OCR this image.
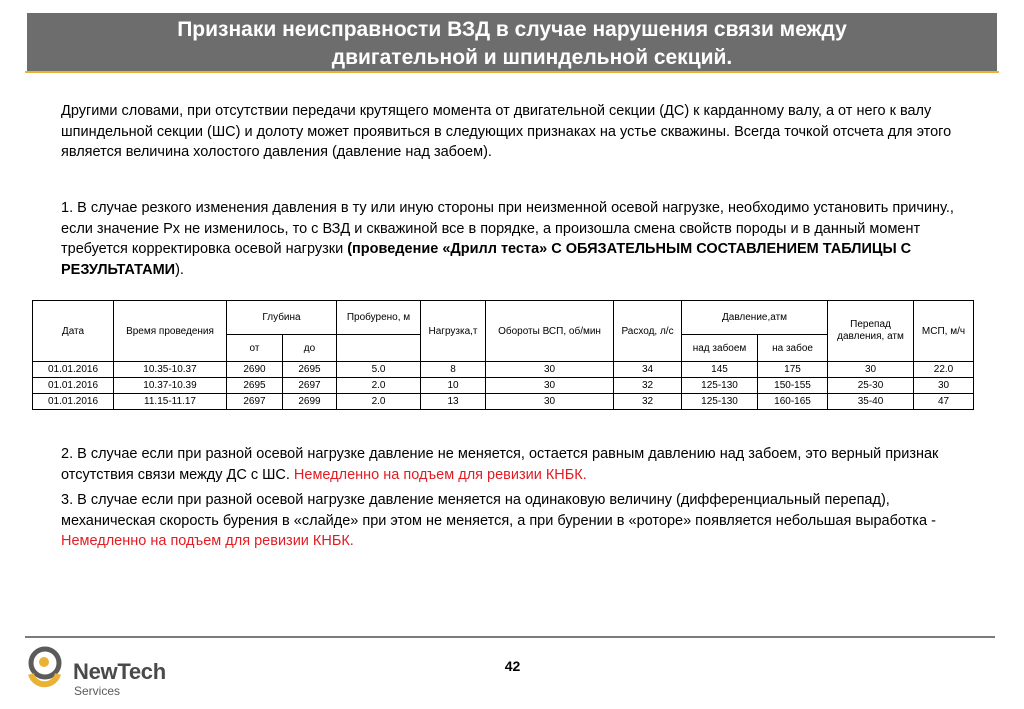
Признаки неисправности ВЗД в случае нарушения связи между
двигательной и шпиндельной секций.
Другими словами, при отсутствии передачи крутящего момента от двигательной секции (ДС) к карданному валу, а от него к валу шпиндельной секции (ШС) и долоту может проявиться в следующих признаках на устье скважины. Всегда точкой отсчета для этого является величина холостого давления (давление над забоем).
1. В случае резкого изменения давления в ту или иную стороны при неизменной осевой нагрузке, необходимо установить причину., если значение Рх не изменилось, то с ВЗД и скважиной все в порядке, а произошла смена свойств породы и в данный момент требуется корректировка осевой нагрузки (проведение «Дрилл теста» С ОБЯЗАТЕЛЬНЫМ СОСТАВЛЕНИЕМ ТАБЛИЦЫ С РЕЗУЛЬТАТАМИ).
Дата	Время проведения	Глубина		Пробурено, м	Нагрузка,т	Обороты ВСП, об/мин	Расход, л/с	Давление,атм		Перепад давления, атм	МСП, м/ч
		от	до					над забоем	на забое		
01.01.2016	10.35-10.37	2690	2695	5.0	8	30	34	145	175	30	22.0
01.01.2016	10.37-10.39	2695	2697	2.0	10	30	32	125-130	150-155	25-30	30
01.01.2016	11.15-11.17	2697	2699	2.0	13	30	32	125-130	160-165	35-40	47
2. В случае если при разной осевой нагрузке давление не меняется, остается равным давлению над забоем, это верный признак отсутствия связи между ДС с ШС. Немедленно на подъем для ревизии КНБК.
3. В случае если при разной осевой нагрузке давление меняется на одинаковую величину (дифференциальный перепад), механическая скорость бурения в «слайде» при этом не меняется, а при бурении в «роторе» появляется небольшая выработка - Немедленно на подъем для ревизии КНБК.
42
NewTech
Services
